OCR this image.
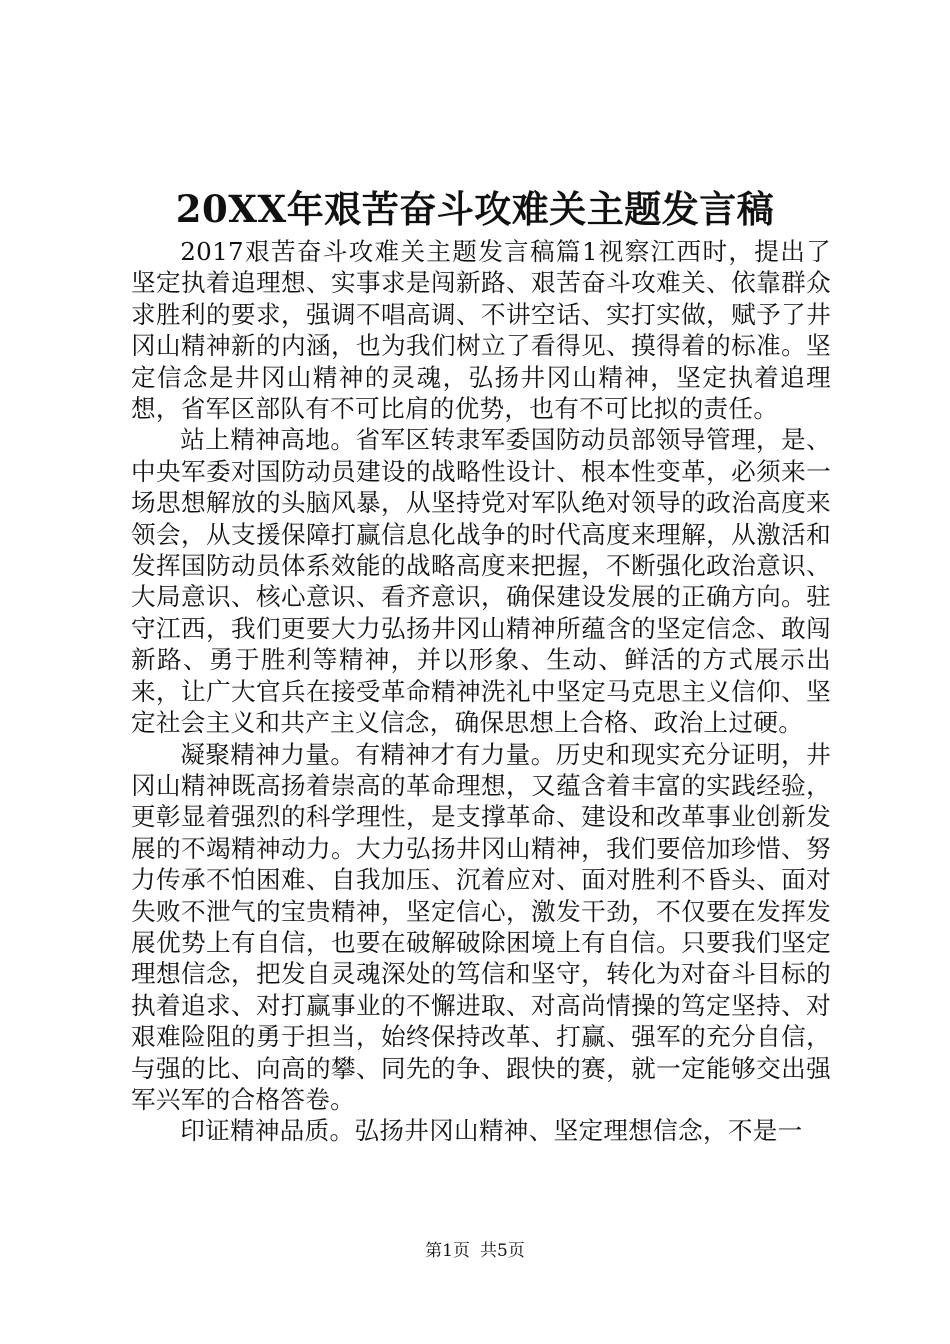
20XX年艰苦奋斗攻难关主题发言稿

2017艰苦奋斗攻难关主题发言稿篇1视察江西时，提出了坚定执着追理想、实事求是闯新路、艰苦奋斗攻难关、依靠群众求胜利的要求，强调不唱高调、不讲空话、实打实做，赋予了井冈山精神新的内涵，也为我们树立了看得见、摸得着的标准。坚定信念是井冈山精神的灵魂，弘扬井冈山精神，坚定执着追理想，省军区部队有不可比肩的优势，也有不可比拟的责任。

站上精神高地。省军区转隶军委国防动员部领导管理，是、中央军委对国防动员建设的战略性设计、根本性变革，必须来一场思想解放的头脑风暴，从坚持党对军队绝对领导的政治高度来领会，从支援保障打赢信息化战争的时代高度来理解，从激活和发挥国防动员体系效能的战略高度来把握，不断强化政治意识、大局意识、核心意识、看齐意识，确保建设发展的正确方向。驻守江西，我们更要大力弘扬井冈山精神所蕴含的坚定信念、敢闯新路、勇于胜利等精神，并以形象、生动、鲜活的方式展示出来，让广大官兵在接受革命精神洗礼中坚定马克思主义信仰、坚定社会主义和共产主义信念，确保思想上合格、政治上过硬。

凝聚精神力量。有精神才有力量。历史和现实充分证明，井冈山精神既高扬着崇高的革命理想，又蕴含着丰富的实践经验，更彰显着强烈的科学理性，是支撑革命、建设和改革事业创新发展的不竭精神动力。大力弘扬井冈山精神，我们要倍加珍惜、努力传承不怕困难、自我加压、沉着应对、面对胜利不昏头、面对失败不泄气的宝贵精神，坚定信心，激发干劲，不仅要在发挥发展优势上有自信，也要在破解破除困境上有自信。只要我们坚定理想信念，把发自灵魂深处的笃信和坚守，转化为对奋斗目标的执着追求、对打赢事业的不懈进取、对高尚情操的笃定坚持、对艰难险阻的勇于担当，始终保持改革、打赢、强军的充分自信，与强的比、向高的攀、同先的争、跟快的赛，就一定能够交出强军兴军的合格答卷。

印证精神品质。弘扬井冈山精神、坚定理想信念，不是一

第1页 共5页
